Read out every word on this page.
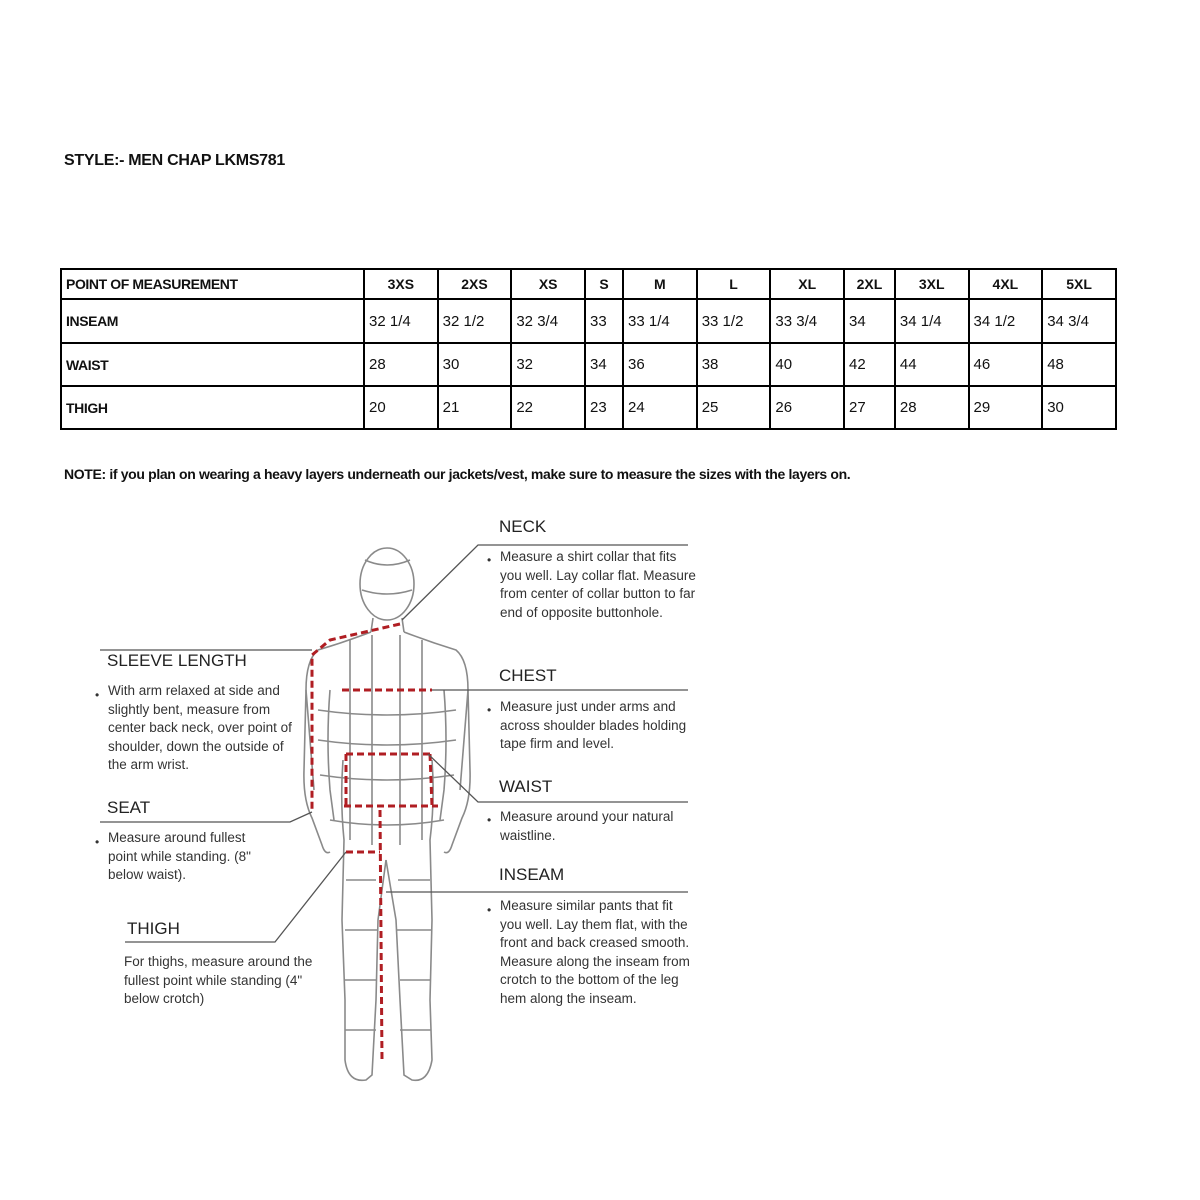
STYLE:- MEN CHAP LKMS781
POINT OF MEASUREMENT	3XS	2XS	XS	S	M	L	XL	2XL	3XL	4XL	5XL
INSEAM	32 1/4	32 1/2	32 3/4	33	33 1/4	33 1/2	33 3/4	34	34 1/4	34 1/2	34 3/4
WAIST	28	30	32	34	36	38	40	42	44	46	48
THIGH	20	21	22	23	24	25	26	27	28	29	30
NOTE: if you plan on wearing a heavy layers underneath our jackets/vest, make sure to measure the sizes with the layers on.
NECK
• Measure a shirt collar that fits you well. Lay collar flat. Measure from center of collar button to far end of opposite buttonhole.
CHEST
• Measure just under arms and across shoulder blades holding tape firm and level.
WAIST
• Measure around your natural waistline.
INSEAM
• Measure similar pants that fit you well. Lay them flat, with the front and back creased smooth. Measure along the inseam from crotch to the bottom of the leg hem along the inseam.
SLEEVE LENGTH
• With arm relaxed at side and slightly bent, measure from center back neck, over point of shoulder, down the outside of the arm wrist.
SEAT
• Measure around fullest point while standing. (8" below waist).
THIGH
For thighs, measure around the fullest point while standing (4" below crotch)
